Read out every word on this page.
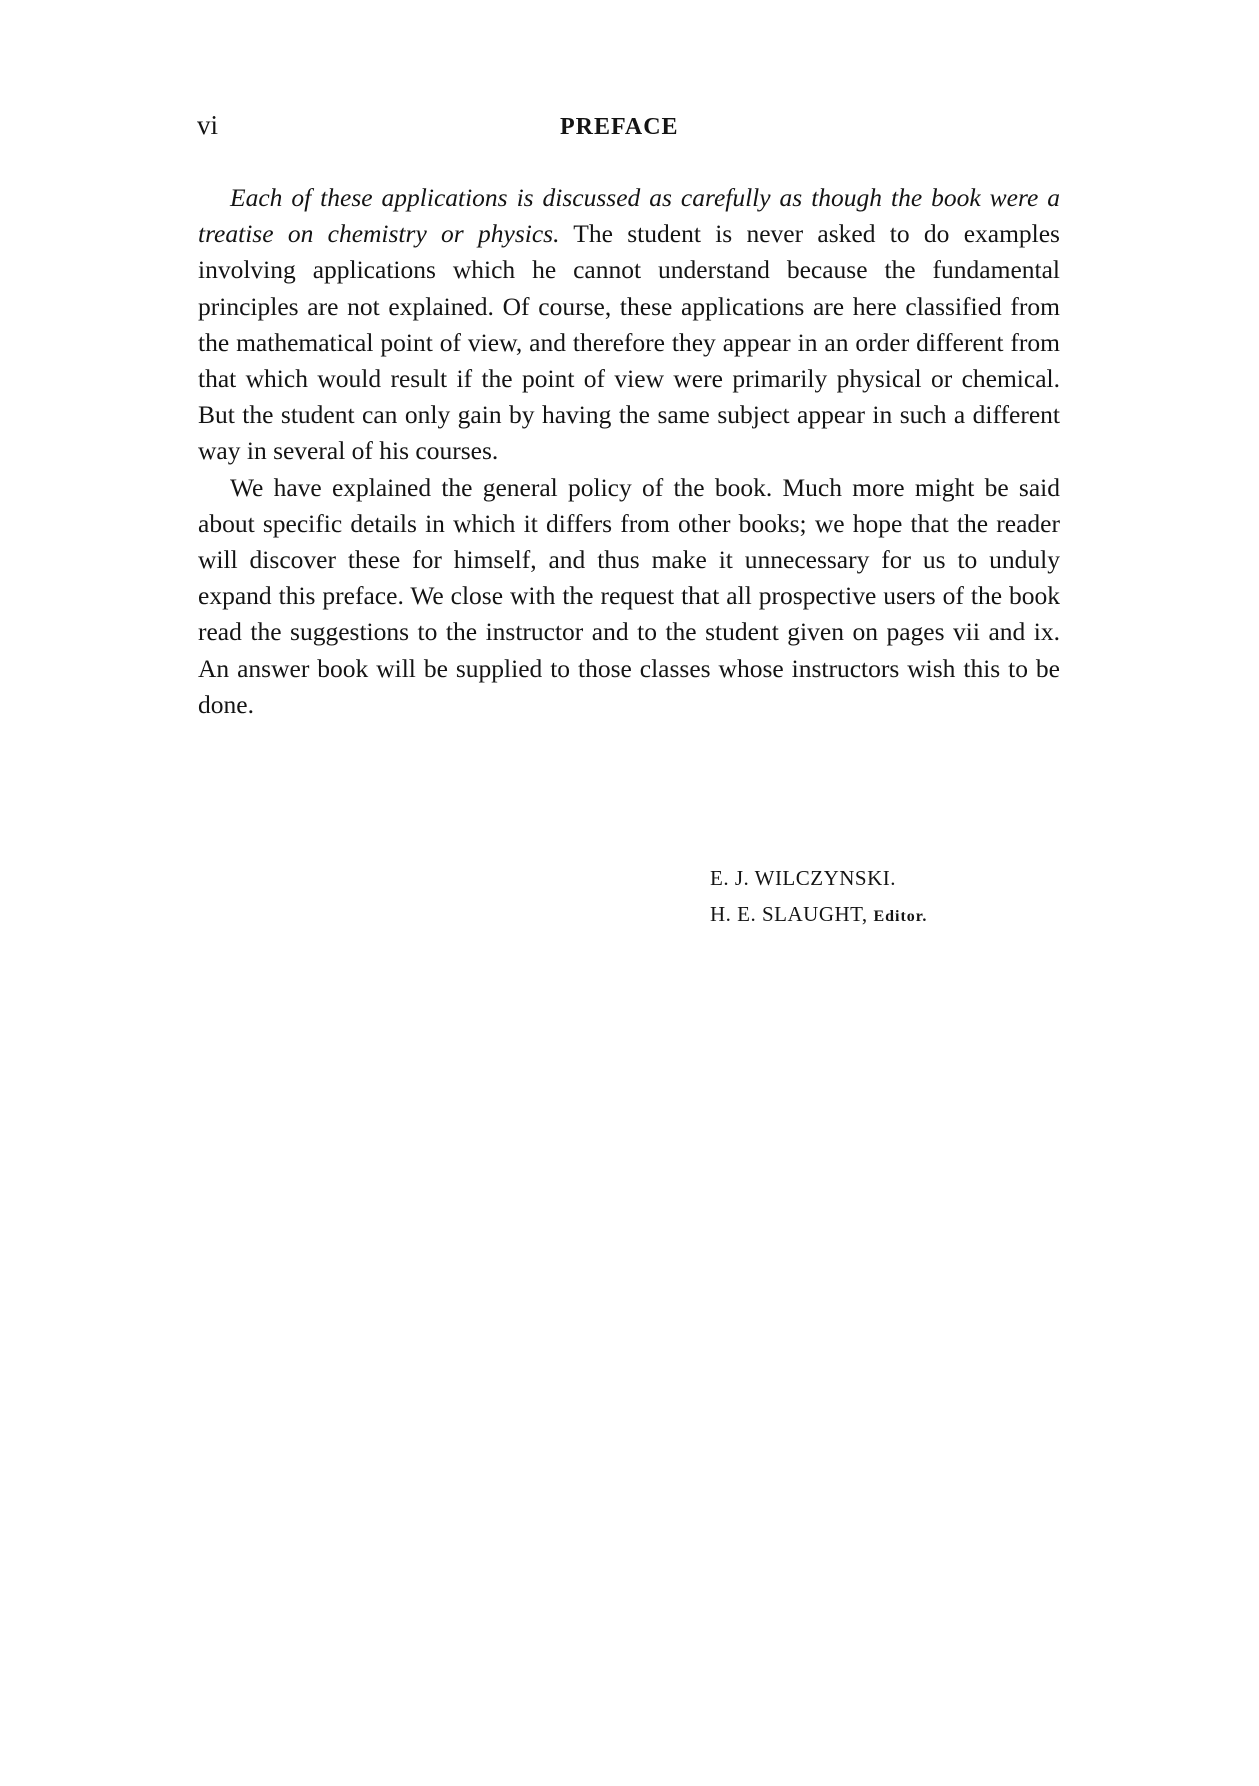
vi	PREFACE

Each of these applications is discussed as carefully as though the book were a treatise on chemistry or physics. The student is never asked to do examples involving applications which he cannot understand because the fundamental principles are not explained. Of course, these applications are here classified from the mathematical point of view, and therefore they appear in an order different from that which would result if the point of view were primarily physical or chemical. But the student can only gain by having the same subject appear in such a different way in several of his courses.

We have explained the general policy of the book. Much more might be said about specific details in which it differs from other books; we hope that the reader will discover these for himself, and thus make it unnecessary for us to unduly expand this preface. We close with the request that all prospective users of the book read the suggestions to the instructor and to the student given on pages vii and ix. An answer book will be supplied to those classes whose instructors wish this to be done.

E. J. WILCZYNSKI.
H. E. SLAUGHT, Editor.
